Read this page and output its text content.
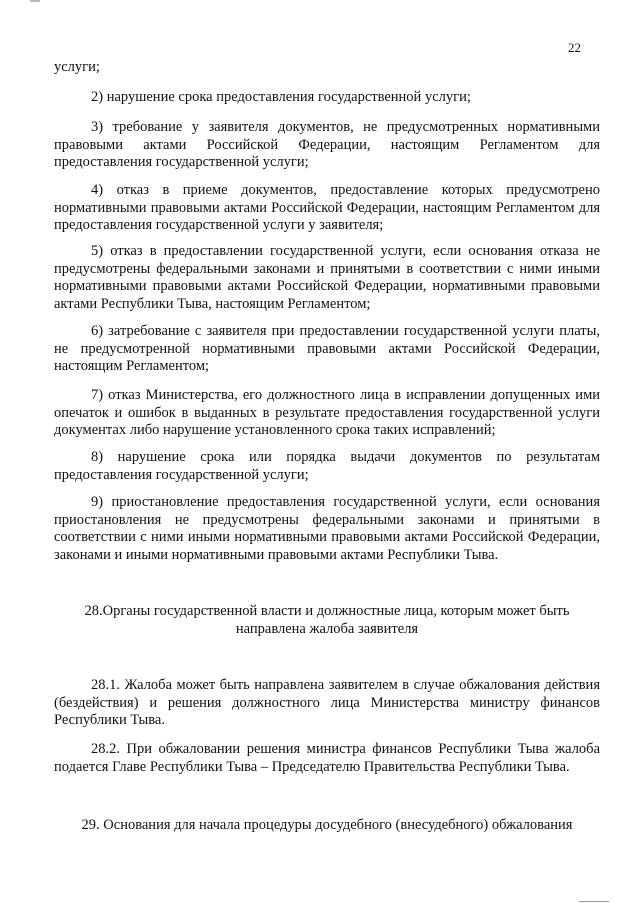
22

услуги;

2) нарушение срока предоставления государственной услуги;

3) требование у заявителя документов, не предусмотренных нормативными правовыми актами Российской Федерации, настоящим Регламентом для предоставления государственной услуги;

4) отказ в приеме документов, предоставление которых предусмотрено нормативными правовыми актами Российской Федерации, настоящим Регламентом для предоставления государственной услуги у заявителя;

5) отказ в предоставлении государственной услуги, если основания отказа не предусмотрены федеральными законами и принятыми в соответствии с ними иными нормативными правовыми актами Российской Федерации, нормативными правовыми актами Республики Тыва, настоящим Регламентом;

6) затребование с заявителя при предоставлении государственной услуги платы, не предусмотренной нормативными правовыми актами Российской Федерации, настоящим Регламентом;

7) отказ Министерства, его должностного лица в исправлении допущенных ими опечаток и ошибок в выданных в результате предоставления государственной услуги документах либо нарушение установленного срока таких исправлений;

8) нарушение срока или порядка выдачи документов по результатам предоставления государственной услуги;

9) приостановление предоставления государственной услуги, если основания приостановления не предусмотрены федеральными законами и принятыми в соответствии с ними иными нормативными правовыми актами Российской Федерации, законами и иными нормативными правовыми актами Республики Тыва.

28.Органы государственной власти и должностные лица, которым может быть
направлена жалоба заявителя

28.1. Жалоба может быть направлена заявителем в случае обжалования действия (бездействия) и решения должностного лица Министерства министру финансов Республики Тыва.

28.2. При обжаловании решения министра финансов Республики Тыва жалоба подается Главе Республики Тыва – Председателю Правительства Республики Тыва.

29. Основания для начала процедуры досудебного (внесудебного) обжалования
